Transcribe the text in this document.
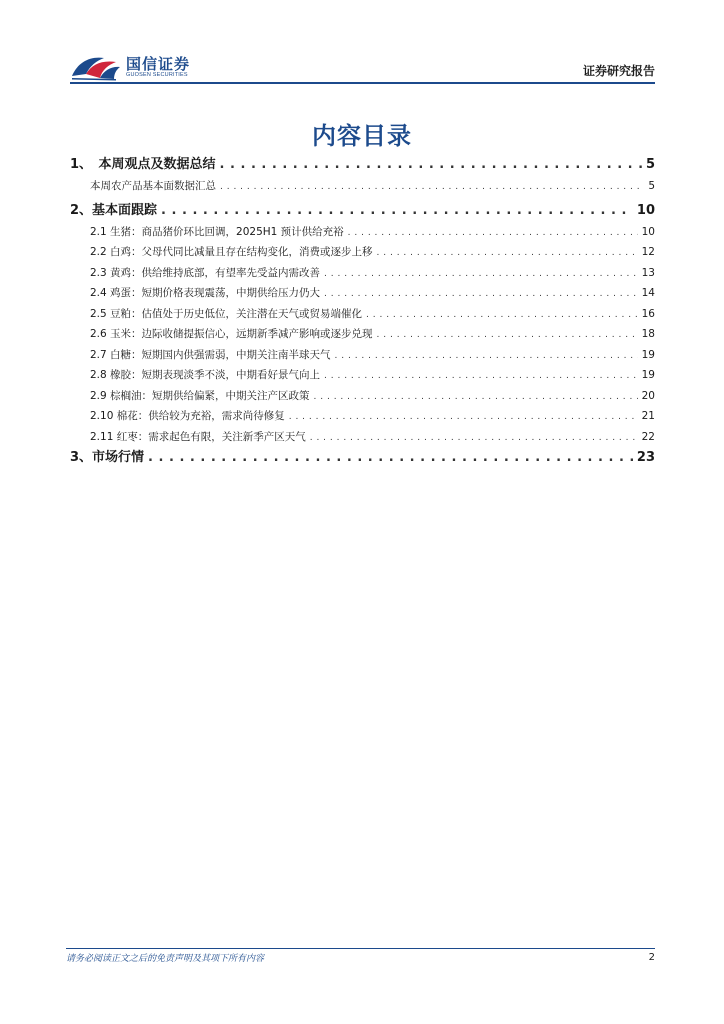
国信证券
GUOSEN SECURITIES	证券研究报告
内容目录
1、　本周观点及数据总结 . . .	5
本周农产品基本面数据汇总 . . .	5
2、基本面跟踪 . . .	10
2.1 生猪：商品猪价环比回调，2025H1 预计供给充裕 . . .	10
2.2 白鸡：父母代同比减量且存在结构变化，消费或逐步上移 . . .	12
2.3 黄鸡：供给维持底部，有望率先受益内需改善 . . .	13
2.4 鸡蛋：短期价格表现震荡，中期供给压力仍大 . . .	14
2.5 豆粕：估值处于历史低位，关注潜在天气或贸易端催化 . . .	16
2.6 玉米：边际收储提振信心，远期新季减产影响或逐步兑现 . . .	18
2.7 白糖：短期国内供强需弱，中期关注南半球天气 . . .	19
2.8 橡胶：短期表现淡季不淡，中期看好景气向上 . . .	19
2.9 棕榈油：短期供给偏紧，中期关注产区政策 . . .	20
2.10 棉花：供给较为充裕，需求尚待修复 . . .	21
2.11 红枣：需求起色有限，关注新季产区天气 . . .	22
3、市场行情 . . .	23
请务必阅读正文之后的免责声明及其项下所有内容	2
